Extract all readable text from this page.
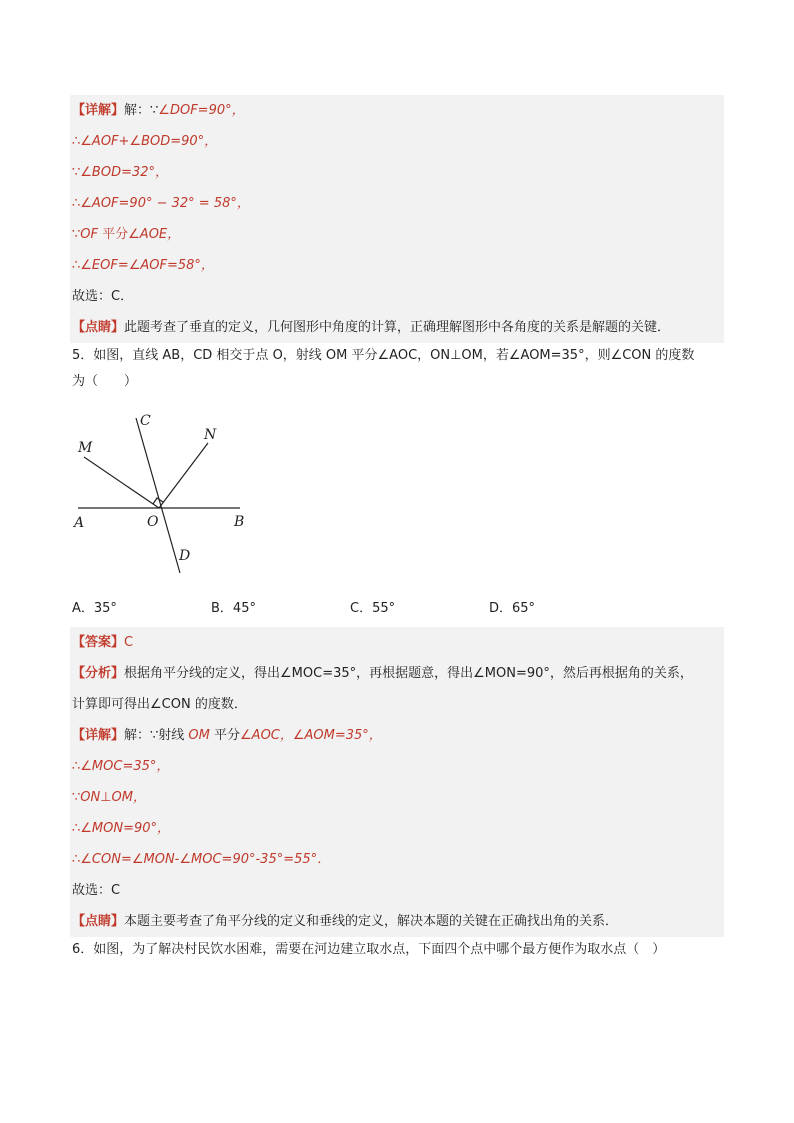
【详解】解：∵∠DOF=90°，
∴∠AOF+∠BOD=90°，
∵∠BOD=32°，
∴∠AOF=90° − 32° = 58°，
∵OF 平分∠AOE，
∴∠EOF=∠AOF=58°，
故选：C．
【点睛】此题考查了垂直的定义，几何图形中角度的计算，正确理解图形中各角度的关系是解题的关键．
5．如图，直线 AB，CD 相交于点 O，射线 OM 平分∠AOC，ON⊥OM，若∠AOM=35°，则∠CON 的度数
为（　　）
C
N
M
A	O	B
D
A．35°	B．45°	C．55°	D．65°
【答案】C
【分析】根据角平分线的定义，得出∠MOC=35°，再根据题意，得出∠MON=90°，然后再根据角的关系，
计算即可得出∠CON 的度数．
【详解】解：∵射线 OM 平分∠AOC，∠AOM=35°，
∴∠MOC=35°，
∵ON⊥OM，
∴∠MON=90°，
∴∠CON=∠MON-∠MOC=90°-35°=55°．
故选：C
【点睛】本题主要考查了角平分线的定义和垂线的定义，解决本题的关键在正确找出角的关系．
6．如图，为了解决村民饮水困难，需要在河边建立取水点，下面四个点中哪个最方便作为取水点（　）
